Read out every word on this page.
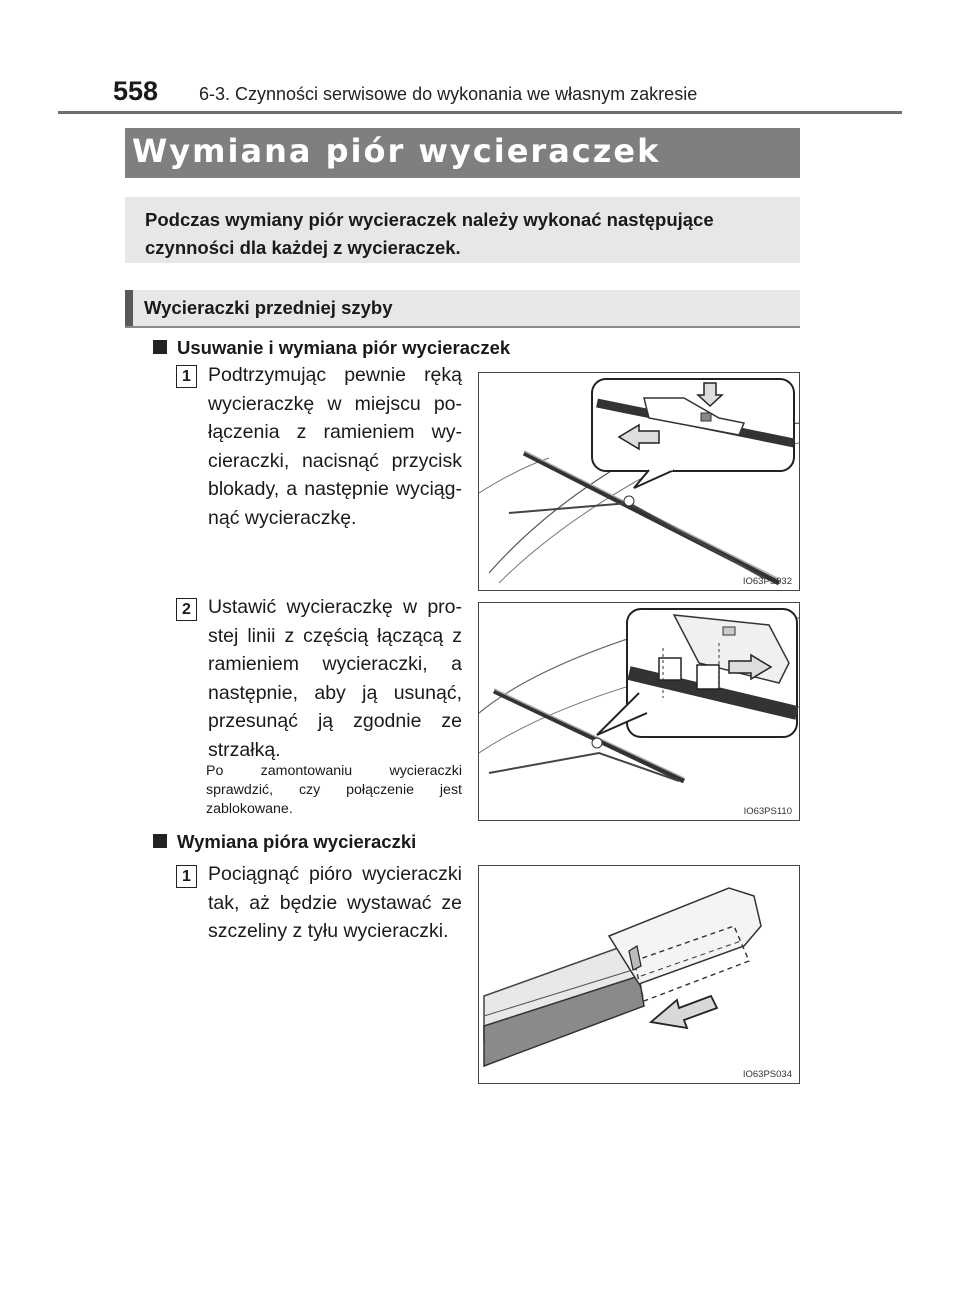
558 6-3. Czynności serwisowe do wykonania we własnym zakresie
Wymiana piór wycieraczek
Podczas wymiany piór wycieraczek należy wykonać następujące czynności dla każdej z wycieraczek.
Wycieraczki przedniej szyby
Usuwanie i wymiana piór wycieraczek
1 Podtrzymując pewnie ręką wycieraczkę w miejscu po-łączenia z ramieniem wy-cieraczki, nacisnąć przycisk blokady, a następnie wyciąg-nąć wycieraczkę.
IO63PS032
2 Ustawić wycieraczkę w pro-stej linii z częścią łączącą z ramieniem wycieraczki, a następnie, aby ją usunąć, przesunąć ją zgodnie ze strzałką.
Po zamontowaniu wycieraczki sprawdzić, czy połączenie jest zablokowane.	IO63PS110
Wymiana pióra wycieraczki
1 Pociągnąć pióro wycieraczki tak, aż będzie wystawać ze szczeliny z tyłu wycieraczki.
IO63PS034
